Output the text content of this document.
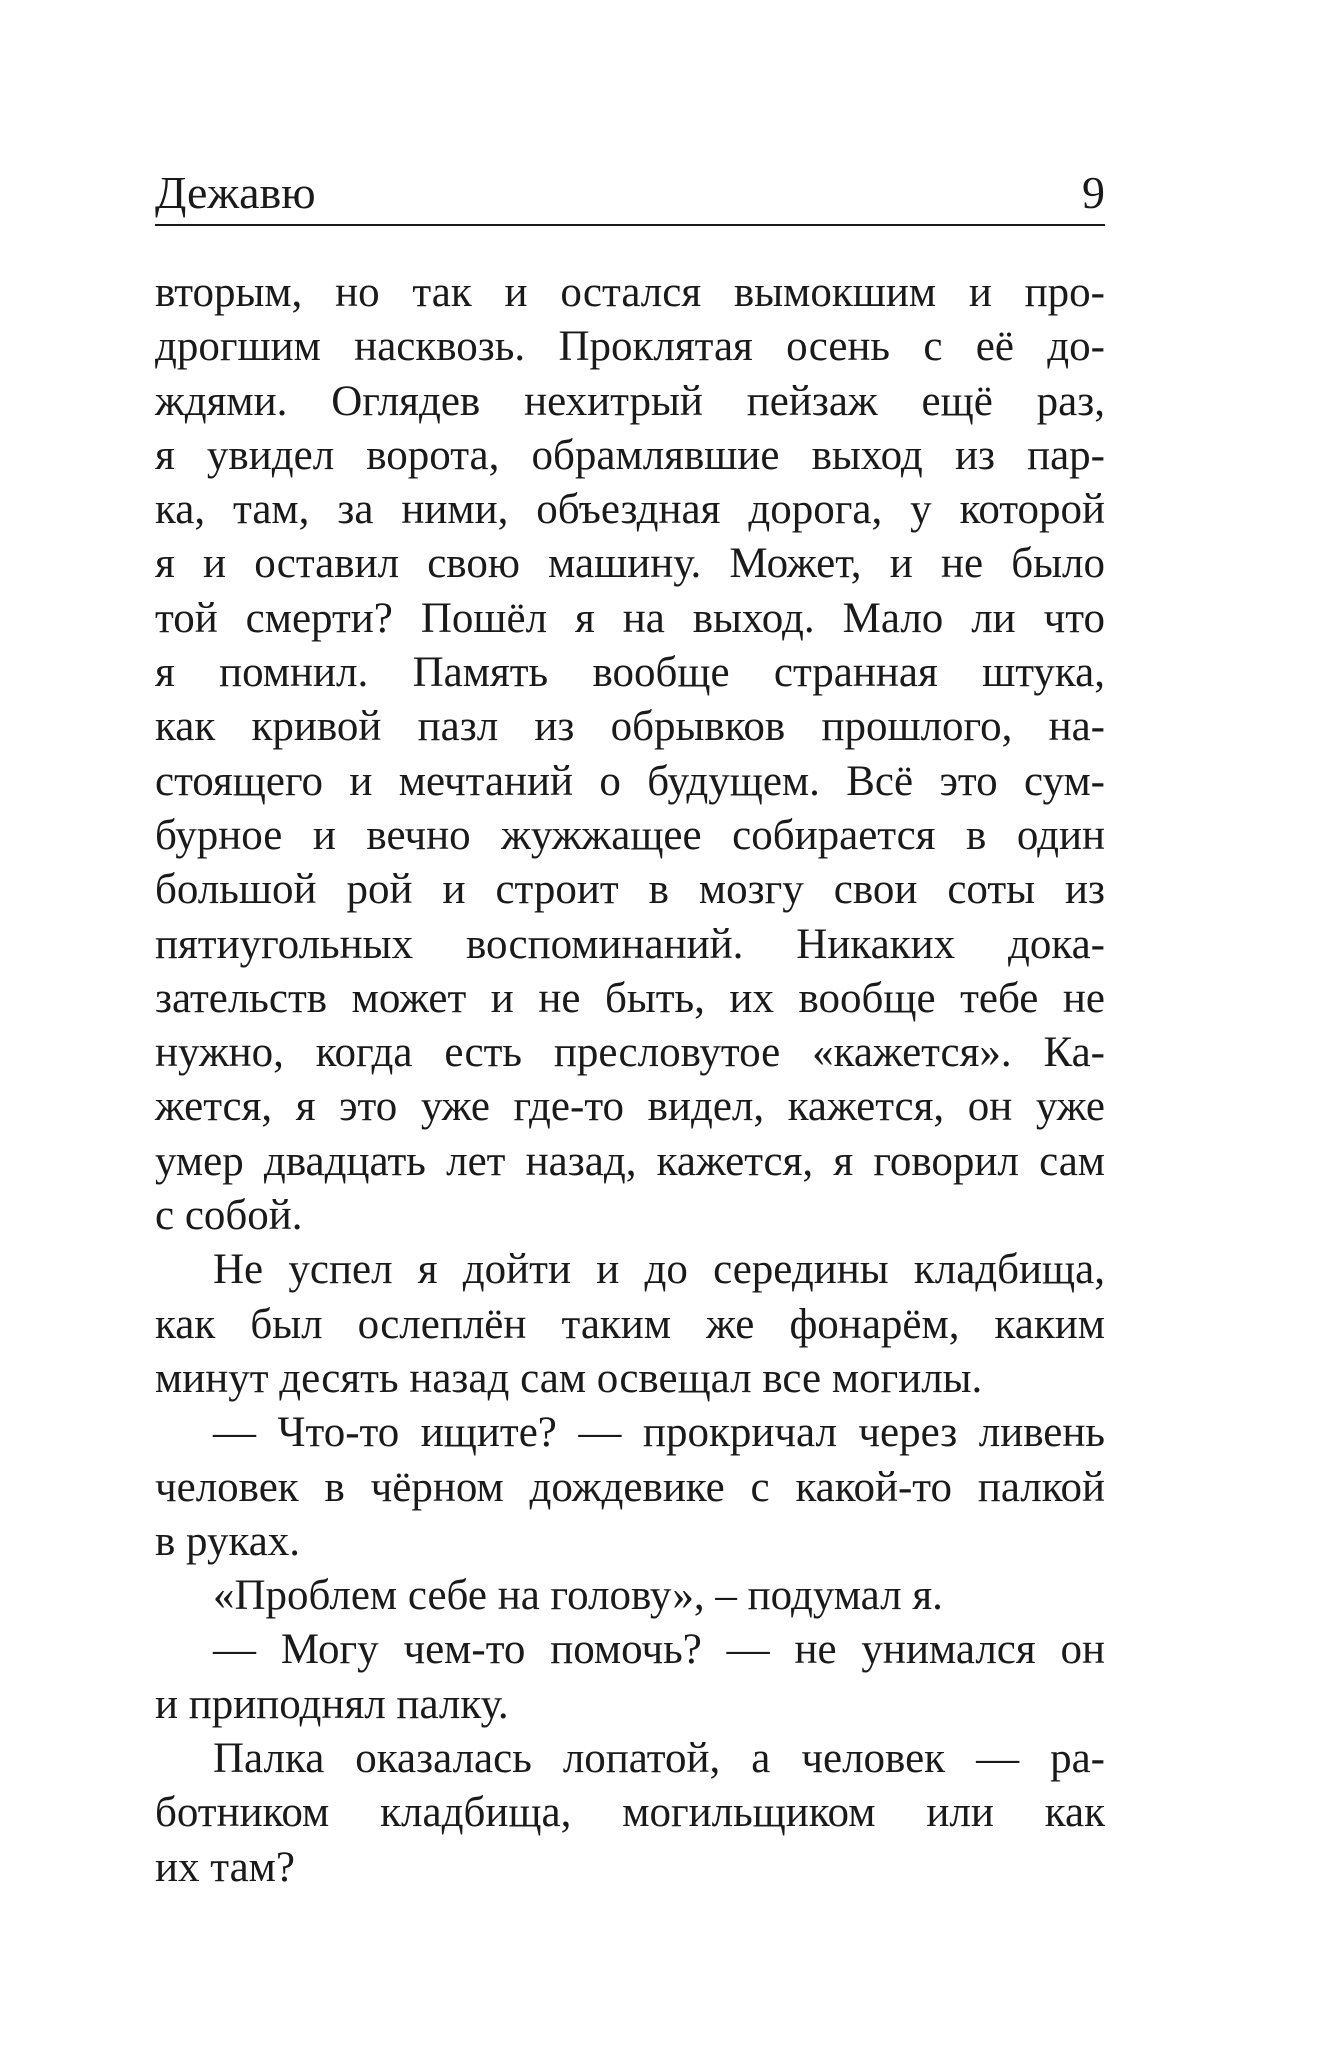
Дежавю	9

вторым, но так и остался вымокшим и про-
дрогшим насквозь. Проклятая осень с её до-
ждями. Оглядев нехитрый пейзаж ещё раз,
я увидел ворота, обрамлявшие выход из пар-
ка, там, за ними, объездная дорога, у которой
я и оставил свою машину. Может, и не было
той смерти? Пошёл я на выход. Мало ли что
я помнил. Память вообще странная штука,
как кривой пазл из обрывков прошлого, на-
стоящего и мечтаний о будущем. Всё это сум-
бурное и вечно жужжащее собирается в один
большой рой и строит в мозгу свои соты из
пятиугольных воспоминаний. Никаких дока-
зательств может и не быть, их вообще тебе не
нужно, когда есть пресловутое «кажется». Ка-
жется, я это уже где-то видел, кажется, он уже
умер двадцать лет назад, кажется, я говорил сам
с собой.

Не успел я дойти и до середины кладбища,
как был ослеплён таким же фонарём, каким
минут десять назад сам освещал все могилы.

— Что-то ищите? — прокричал через ливень
человек в чёрном дождевике с какой-то палкой
в руках.

«Проблем себе на голову», – подумал я.

— Могу чем-то помочь? — не унимался он
и приподнял палку.

Палка оказалась лопатой, а человек — ра-
ботником кладбища, могильщиком или как
их там?
